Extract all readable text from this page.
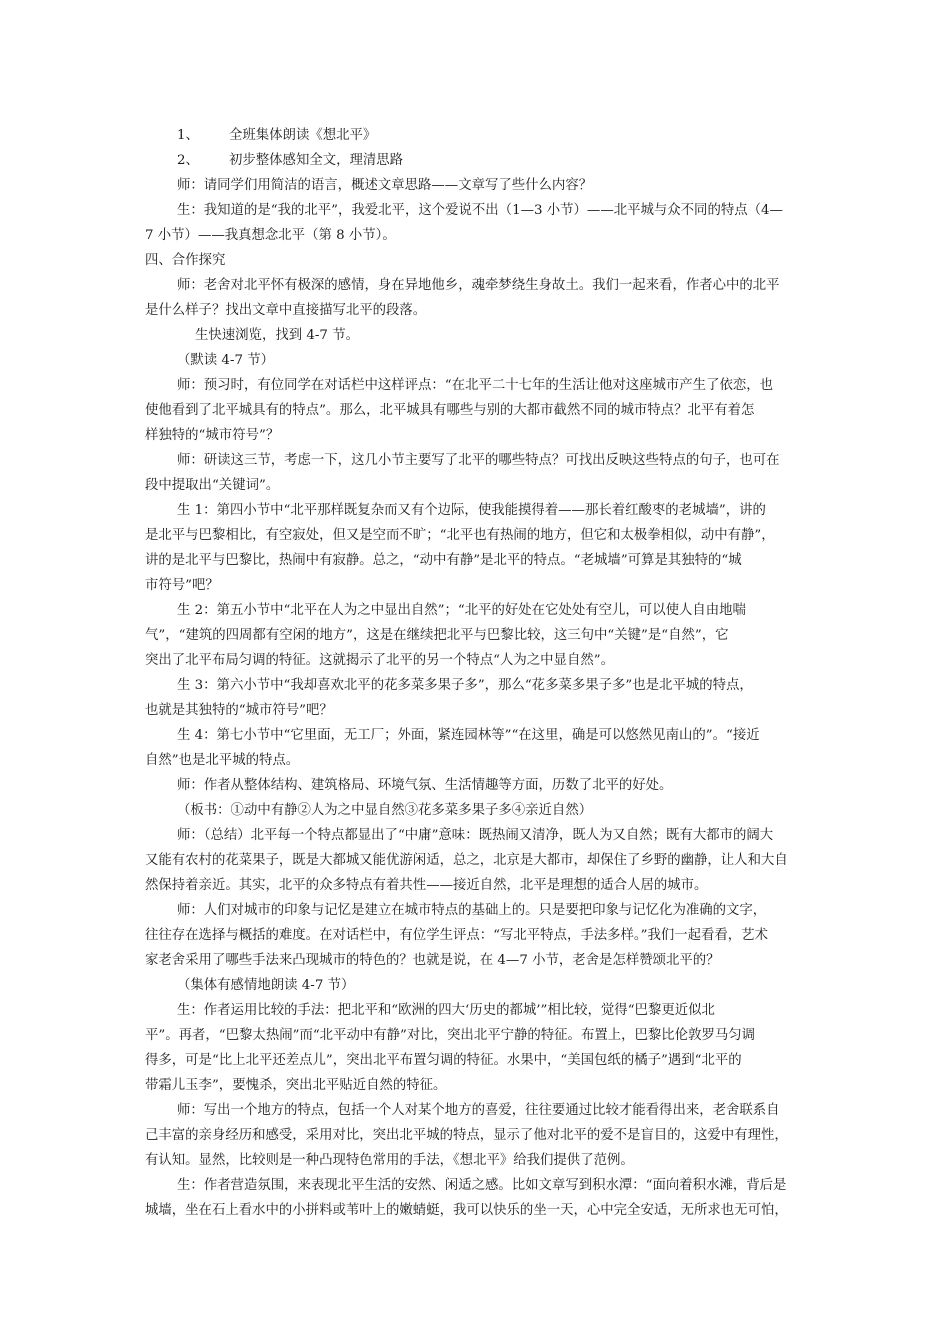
1、 全班集体朗读《想北平》
2、 初步整体感知全文，理清思路
师：请同学们用简洁的语言，概述文章思路——文章写了些什么内容？
生：我知道的是“我的北平”，我爱北平，这个爱说不出（1—3 小节）——北平城与众不同的特点（4—
7 小节）——我真想念北平（第 8 小节）。
四、合作探究
师：老舍对北平怀有极深的感情，身在异地他乡，魂牵梦绕生身故土。我们一起来看，作者心中的北平
是什么样子？找出文章中直接描写北平的段落。
生快速浏览，找到 4-7 节。
（默读 4-7 节）
师：预习时，有位同学在对话栏中这样评点：“在北平二十七年的生活让他对这座城市产生了依恋，也
使他看到了北平城具有的特点”。那么，北平城具有哪些与别的大都市截然不同的城市特点？北平有着怎
样独特的“城市符号”？
师：研读这三节，考虑一下，这几小节主要写了北平的哪些特点？可找出反映这些特点的句子，也可在
段中提取出“关键词”。
生 1：第四小节中“北平那样既复杂而又有个边际，使我能摸得着——那长着红酸枣的老城墙”，讲的
是北平与巴黎相比，有空寂处，但又是空而不旷；“北平也有热闹的地方，但它和太极拳相似，动中有静”，
讲的是北平与巴黎比，热闹中有寂静。总之，“动中有静”是北平的特点。“老城墙”可算是其独特的“城
市符号”吧？
生 2：第五小节中“北平在人为之中显出自然”；“北平的好处在它处处有空儿，可以使人自由地喘
气”，“建筑的四周都有空闲的地方”，这是在继续把北平与巴黎比较，这三句中“关键”是“自然”，它
突出了北平布局匀调的特征。这就揭示了北平的另一个特点“人为之中显自然”。
生 3：第六小节中“我却喜欢北平的花多菜多果子多”，那么“花多菜多果子多”也是北平城的特点，
也就是其独特的“城市符号”吧？
生 4：第七小节中“它里面，无工厂；外面，紧连园林等”“在这里，确是可以悠然见南山的”。“接近
自然”也是北平城的特点。
师：作者从整体结构、建筑格局、环境气氛、生活情趣等方面，历数了北平的好处。
（板书：①动中有静②人为之中显自然③花多菜多果子多④亲近自然）
师：（总结）北平每一个特点都显出了“中庸”意味：既热闹又清净，既人为又自然；既有大都市的阔大
又能有农村的花菜果子，既是大都城又能优游闲适，总之，北京是大都市，却保住了乡野的幽静，让人和大自
然保持着亲近。其实，北平的众多特点有着共性——接近自然，北平是理想的适合人居的城市。
师：人们对城市的印象与记忆是建立在城市特点的基础上的。只是要把印象与记忆化为准确的文字，
往往存在选择与概括的难度。在对话栏中，有位学生评点：“写北平特点，手法多样。”我们一起看看，艺术
家老舍采用了哪些手法来凸现城市的特色的？也就是说，在 4—7 小节，老舍是怎样赞颂北平的？
（集体有感情地朗读 4-7 节）
生：作者运用比较的手法：把北平和“欧洲的四大‘历史的都城’”相比较，觉得“巴黎更近似北
平”。再者，“巴黎太热闹”而“北平动中有静”对比，突出北平宁静的特征。布置上，巴黎比伦敦罗马匀调
得多，可是“比上北平还差点儿”，突出北平布置匀调的特征。水果中，“美国包纸的橘子”遇到“北平的
带霜儿玉李”，要愧杀，突出北平贴近自然的特征。
师：写出一个地方的特点，包括一个人对某个地方的喜爱，往往要通过比较才能看得出来，老舍联系自
己丰富的亲身经历和感受，采用对比，突出北平城的特点，显示了他对北平的爱不是盲目的，这爱中有理性，
有认知。显然，比较则是一种凸现特色常用的手法，《想北平》给我们提供了范例。
生：作者营造氛围，来表现北平生活的安然、闲适之感。比如文章写到积水潭：“面向着积水滩，背后是
城墙，坐在石上看水中的小拼料或苇叶上的嫩蜻蜓，我可以快乐的坐一天，心中完全安适，无所求也无可怕，
